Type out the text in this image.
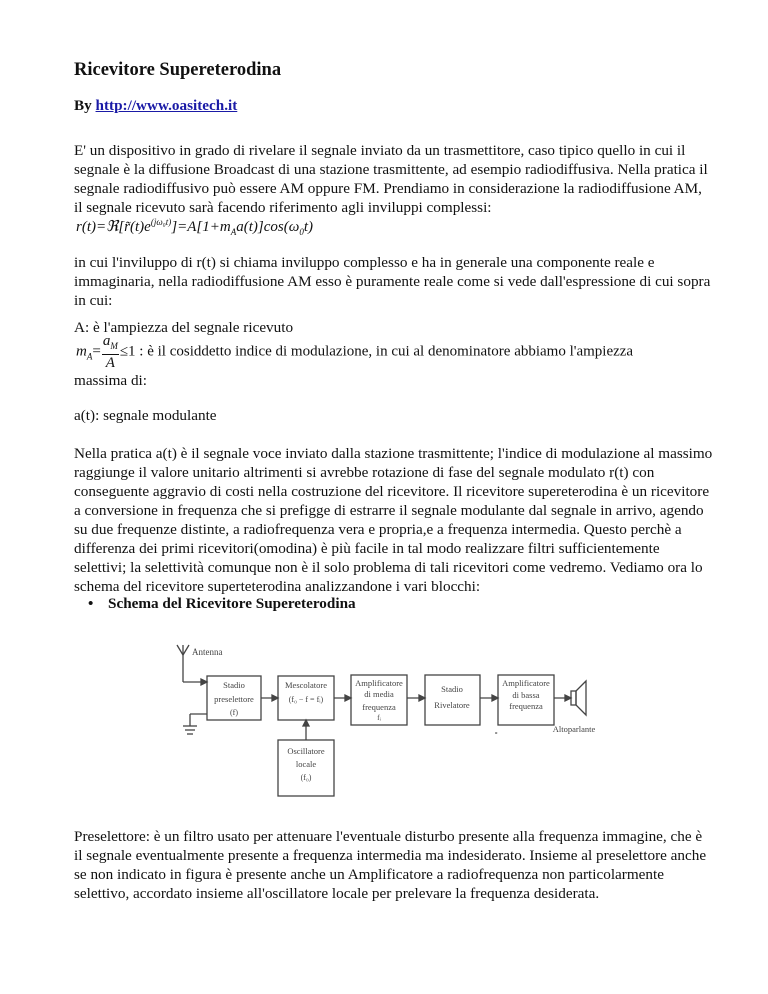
Ricevitore Supereterodina
By http://www.oasitech.it

E' un dispositivo in grado di rivelare il segnale inviato da un trasmettitore, caso tipico quello in cui il segnale è la diffusione Broadcast di una stazione trasmittente, ad esempio radiodiffusiva. Nella pratica il segnale radiodiffusivo può essere AM oppure FM. Prendiamo in considerazione la radiodiffusione AM, il segnale ricevuto sarà facendo riferimento agli inviluppi complessi:

$r(t)=ℜ[r̃(t)e^{(j\omega_0t)}]=A[1+m_Aa(t)]\cos(\omega_0t)$

in cui l'inviluppo di r(t) si chiama inviluppo complesso e ha in generale una componente reale e immaginaria, nella radiodiffusione AM esso è puramente reale come si vede dall'espressione di cui sopra in cui:

A: è l'ampiezza del segnale ricevuto

$m_A= \frac{a_M}{A} \le 1$ : è il cosiddetto indice di modulazione, in cui al denominatore abbiamo l'ampiezza

massima di:

a(t): segnale modulante

Nella pratica a(t) è il segnale voce inviato dalla stazione trasmittente; l'indice di modulazione al massimo raggiunge il valore unitario altrimenti si avrebbe rotazione di fase del segnale modulato r(t) con conseguente aggravio di costi nella costruzione del ricevitore. Il ricevitore supereterodina è un ricevitore a conversione in frequenza che si prefigge di estrarre il segnale modulante dal segnale in arrivo, agendo su due frequenze distinte, a radiofrequenza vera e propria,e a frequenza intermedia. Questo perchè a differenza dei primi ricevitori(omodina) è più facile in tal modo realizzare filtri sufficientemente selettivi; la selettività comunque non è il solo problema di tali ricevitori come vedremo. Vediamo ora lo schema del ricevitore superteterodina analizzandone i vari blocchi:

• Schema del Ricevitore Supereterodina

Preselettore: è un filtro usato per attenuare l'eventuale disturbo presente alla frequenza immagine, che è il segnale eventualmente presente a frequenza intermedia ma indesiderato. Insieme al preselettore anche se non indicato in figura è presente anche un Amplificatore a radiofrequenza non particolarmente selettivo, accordato insieme all'oscillatore locale per prelevare la frequenza desiderata.

Antenna
Stadio
preselettore
(f)
Mescolatore
(f₀ − f = fᵢ)
Amplificatore
di media
frequenza
fᵢ
Stadio
Rivelatore
Amplificatore
di bassa
frequenza
∘	Altoparlante
Oscillatore
locale
(f₀)
